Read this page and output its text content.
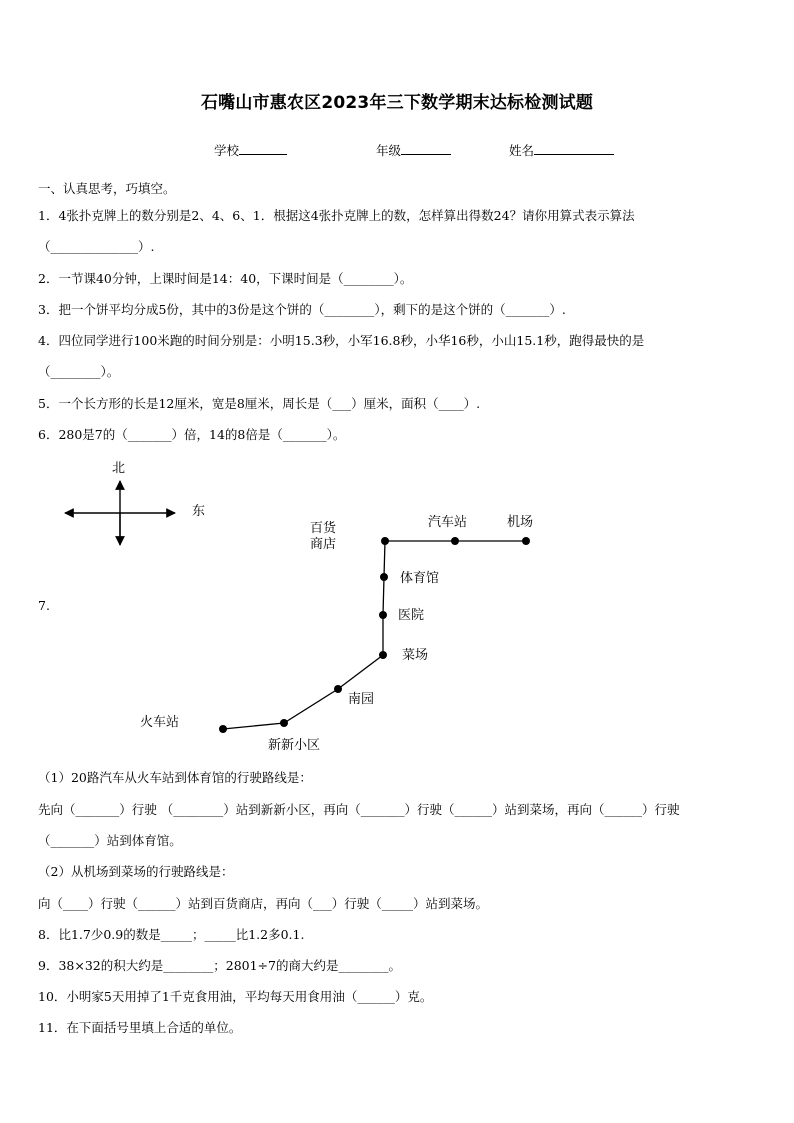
石嘴山市惠农区2023年三下数学期末达标检测试题
学校	年级	姓名
一、认真思考，巧填空。
1．4张扑克牌上的数分别是2、4、6、1．根据这4张扑克牌上的数，怎样算出得数24？请你用算式表示算法
（______________）.
2．一节课40分钟，上课时间是14：40，下课时间是（________）。
3．把一个饼平均分成5份，其中的3份是这个饼的（________），剩下的是这个饼的（_______）.
4．四位同学进行100米跑的时间分别是：小明15.3秒，小军16.8秒，小华16秒，小山15.1秒，跑得最快的是
（________）。
5．一个长方形的长是12厘米，宽是8厘米，周长是（___）厘米，面积（____）.
6．280是7的（_______）倍，14的8倍是（_______）。
7.
北
东
百货
商店
汽车站	机场
体育馆
医院
菜场
南园
火车站
新新小区
（1）20路汽车从火车站到体育馆的行驶路线是：
先向（_______）行驶 （________）站到新新小区，再向（_______）行驶（______）站到菜场，再向（______）行驶
（_______）站到体育馆。
（2）从机场到菜场的行驶路线是：
向（____）行驶（______）站到百货商店，再向（___）行驶（_____）站到菜场。
8．比1.7少0.9的数是_____；_____比1.2多0.1.
9．38×32的积大约是________；2801÷7的商大约是________。
10．小明家5天用掉了1千克食用油，平均每天用食用油（______）克。
11．在下面括号里填上合适的单位。
